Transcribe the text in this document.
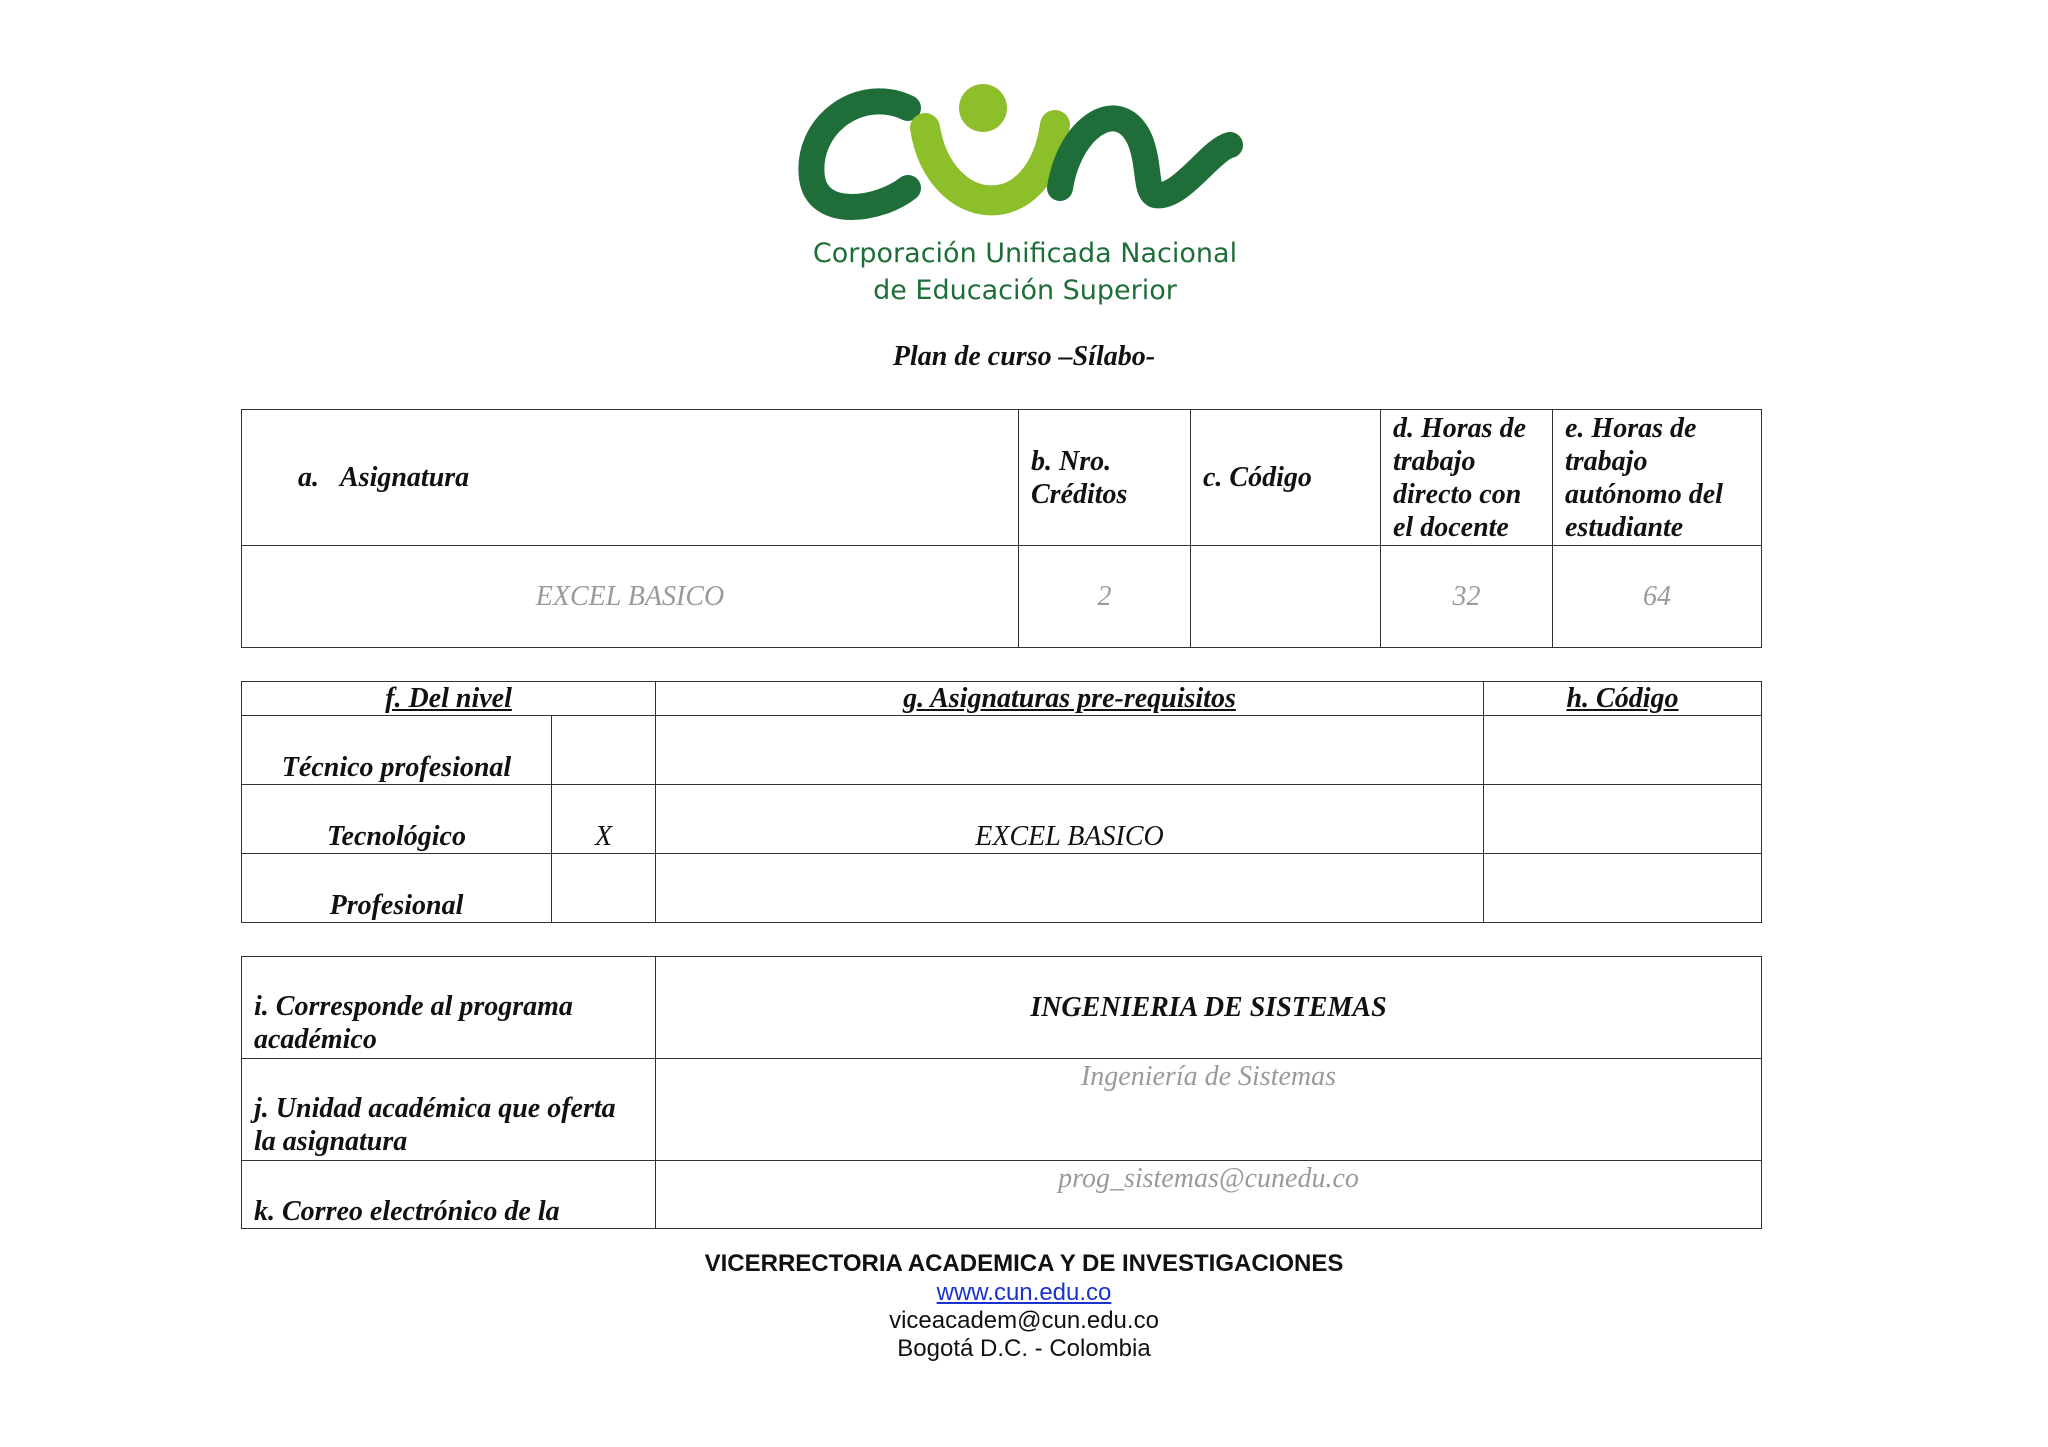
Corporación Unificada Nacional
de Educación Superior
Plan de curso –Sílabo-
a. Asignatura	b. Nro. Créditos	c. Código	d. Horas de trabajo directo con el docente	e. Horas de trabajo autónomo del estudiante
EXCEL BASICO	2		32	64
f. Del nivel		g. Asignaturas pre-requisitos	h. Código
Técnico profesional			
Tecnológico	X	EXCEL BASICO	
Profesional			
i. Corresponde al programa académico	INGENIERIA DE SISTEMAS
j. Unidad académica que oferta la asignatura	Ingeniería de Sistemas
k. Correo electrónico de la	prog_sistemas@cunedu.co
VICERRECTORIA ACADEMICA Y DE INVESTIGACIONES
www.cun.edu.co
viceacadem@cun.edu.co
Bogotá D.C. - Colombia
